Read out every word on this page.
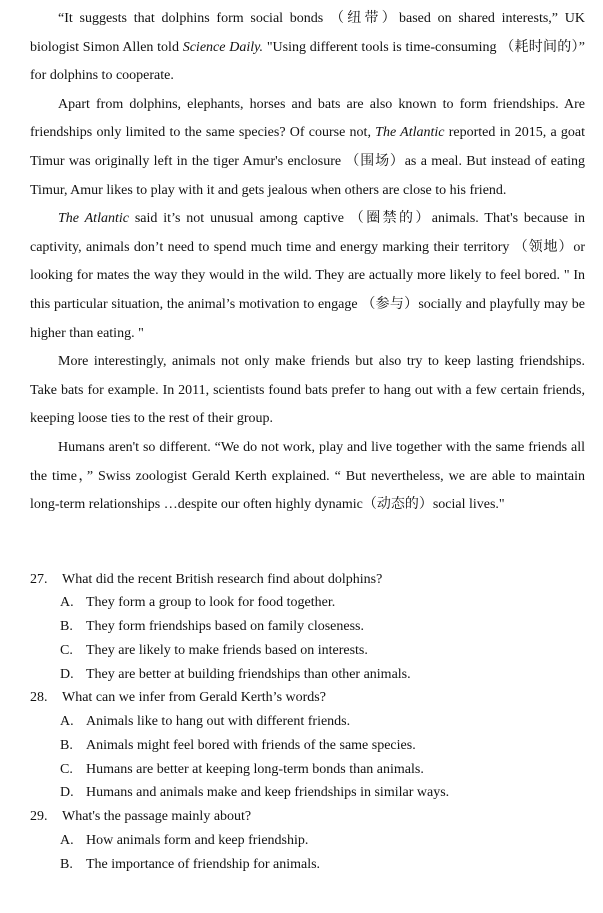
“It suggests that dolphins form social bonds （纽带）based on shared interests,” UK biologist Simon Allen told Science Daily. "Using different tools is time-consuming （耗时间的）” for dolphins to cooperate.

Apart from dolphins, elephants, horses and bats are also known to form friendships. Are friendships only limited to the same species? Of course not, The Atlantic reported in 2015, a goat Timur was originally left in the tiger Amur's enclosure （围场）as a meal. But instead of eating Timur, Amur likes to play with it and gets jealous when others are close to his friend.

The Atlantic said it’s not unusual among captive （圈禁的）animals. That's because in captivity, animals don’t need to spend much time and energy marking their territory （领地）or looking for mates the way they would in the wild. They are actually more likely to feel bored. " In this particular situation, the animal’s motivation to engage （参与）socially and playfully may be higher than eating. "

More interestingly, animals not only make friends but also try to keep lasting friendships. Take bats for example. In 2011, scientists found bats prefer to hang out with a few certain friends, keeping loose ties to the rest of their group.

Humans aren't so different. “We do not work, play and live together with the same friends all the time，” Swiss zoologist Gerald Kerth explained. “ But nevertheless, we are able to maintain long-term relationships …despite our often highly dynamic（动态的）social lives."

27.	What did the recent British research find about dolphins?
A. They form a group to look for food together.
B. They form friendships based on family closeness.
C. They are likely to make friends based on interests.
D. They are better at building friendships than other animals.
28.	What can we infer from Gerald Kerth’s words?
A. Animals like to hang out with different friends.
B. Animals might feel bored with friends of the same species.
C. Humans are better at keeping long-term bonds than animals.
D. Humans and animals make and keep friendships in similar ways.
29.	What's the passage mainly about?
A. How animals form and keep friendship.
B. The importance of friendship for animals.
